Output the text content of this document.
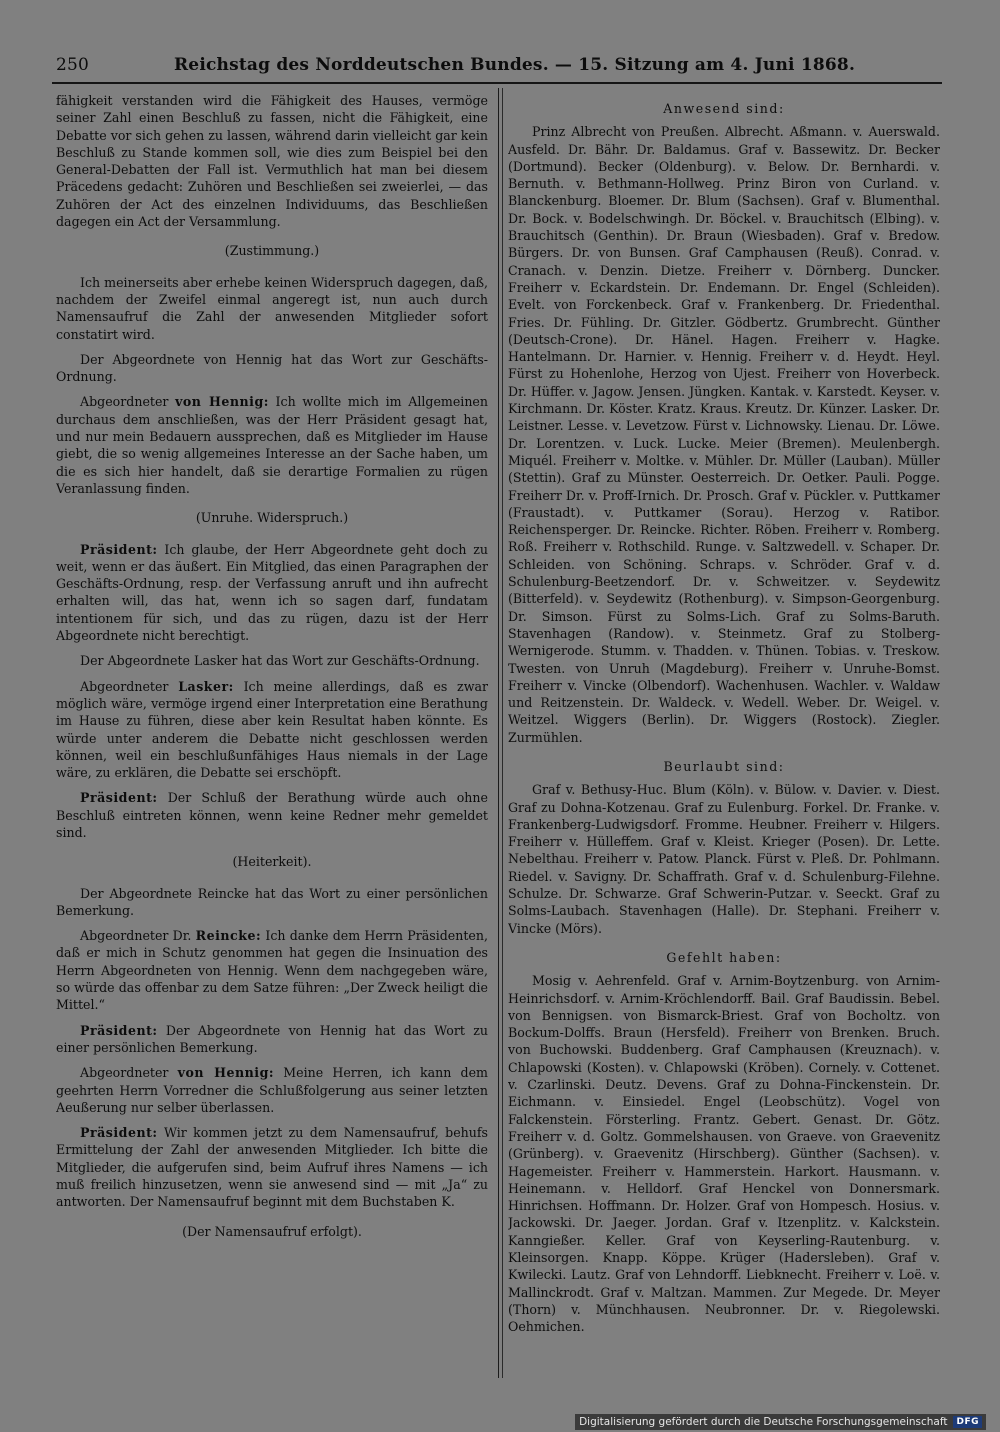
250	Reichstag des Norddeutschen Bundes. — 15. Sitzung am 4. Juni 1868.

fähigkeit verstanden wird die Fähigkeit des Hauses, vermöge seiner Zahl einen Beschluß zu fassen, nicht die Fähigkeit, eine Debatte vor sich gehen zu lassen, während darin vielleicht gar kein Beschluß zu Stande kommen soll, wie dies zum Beispiel bei den General-Debatten der Fall ist. Vermuthlich hat man bei diesem Präcedens gedacht: Zuhören und Beschließen sei zweierlei, — das Zuhören der Act des einzelnen Individuums, das Beschließen dagegen ein Act der Versammlung.

(Zustimmung.)

Ich meinerseits aber erhebe keinen Widerspruch dagegen, daß, nachdem der Zweifel einmal angeregt ist, nun auch durch Namensaufruf die Zahl der anwesenden Mitglieder sofort constatirt wird.

Der Abgeordnete von Hennig hat das Wort zur Geschäfts-Ordnung.

Abgeordneter von Hennig: Ich wollte mich im Allgemeinen durchaus dem anschließen, was der Herr Präsident gesagt hat, und nur mein Bedauern aussprechen, daß es Mitglieder im Hause giebt, die so wenig allgemeines Interesse an der Sache haben, um die es sich hier handelt, daß sie derartige Formalien zu rügen Veranlassung finden.

(Unruhe. Widerspruch.)

Präsident: Ich glaube, der Herr Abgeordnete geht doch zu weit, wenn er das äußert. Ein Mitglied, das einen Paragraphen der Geschäfts-Ordnung, resp. der Verfassung anruft und ihn aufrecht erhalten will, das hat, wenn ich so sagen darf, fundatam intentionem für sich, und das zu rügen, dazu ist der Herr Abgeordnete nicht berechtigt.

Der Abgeordnete Lasker hat das Wort zur Geschäfts-Ordnung.

Abgeordneter Lasker: Ich meine allerdings, daß es zwar möglich wäre, vermöge irgend einer Interpretation eine Berathung im Hause zu führen, diese aber kein Resultat haben könnte. Es würde unter anderem die Debatte nicht geschlossen werden können, weil ein beschlußunfähiges Haus niemals in der Lage wäre, zu erklären, die Debatte sei erschöpft.

Präsident: Der Schluß der Berathung würde auch ohne Beschluß eintreten können, wenn keine Redner mehr gemeldet sind.

(Heiterkeit).

Der Abgeordnete Reincke hat das Wort zu einer persönlichen Bemerkung.

Abgeordneter Dr. Reincke: Ich danke dem Herrn Präsidenten, daß er mich in Schutz genommen hat gegen die Insinuation des Herrn Abgeordneten von Hennig. Wenn dem nachgegeben wäre, so würde das offenbar zu dem Satze führen: „Der Zweck heiligt die Mittel.“

Präsident: Der Abgeordnete von Hennig hat das Wort zu einer persönlichen Bemerkung.

Abgeordneter von Hennig: Meine Herren, ich kann dem geehrten Herrn Vorredner die Schlußfolgerung aus seiner letzten Aeußerung nur selber überlassen.

Präsident: Wir kommen jetzt zu dem Namensaufruf, behufs Ermittelung der Zahl der anwesenden Mitglieder. Ich bitte die Mitglieder, die aufgerufen sind, beim Aufruf ihres Namens — ich muß freilich hinzusetzen, wenn sie anwesend sind — mit „Ja“ zu antworten. Der Namensaufruf beginnt mit dem Buchstaben K.

(Der Namensaufruf erfolgt).

Anwesend sind:

Prinz Albrecht von Preußen. Albrecht. Aßmann. v. Auerswald. Ausfeld. Dr. Bähr. Dr. Baldamus. Graf v. Bassewitz. Dr. Becker (Dortmund). Becker (Oldenburg). v. Below. Dr. Bernhardi. v. Bernuth. v. Bethmann-Hollweg. Prinz Biron von Curland. v. Blanckenburg. Bloemer. Dr. Blum (Sachsen). Graf v. Blumenthal. Dr. Bock. v. Bodelschwingh. Dr. Böckel. v. Brauchitsch (Elbing). v. Brauchitsch (Genthin). Dr. Braun (Wiesbaden). Graf v. Bredow. Bürgers. Dr. von Bunsen. Graf Camphausen (Reuß). Conrad. v. Cranach. v. Denzin. Dietze. Freiherr v. Dörnberg. Duncker. Freiherr v. Eckardstein. Dr. Endemann. Dr. Engel (Schleiden). Evelt. von Forckenbeck. Graf v. Frankenberg. Dr. Friedenthal. Fries. Dr. Fühling. Dr. Gitzler. Gödbertz. Grumbrecht. Günther (Deutsch-Crone). Dr. Hänel. Hagen. Freiherr v. Hagke. Hantelmann. Dr. Harnier. v. Hennig. Freiherr v. d. Heydt. Heyl. Fürst zu Hohenlohe, Herzog von Ujest. Freiherr von Hoverbeck. Dr. Hüffer. v. Jagow. Jensen. Jüngken. Kantak. v. Karstedt. Keyser. v. Kirchmann. Dr. Köster. Kratz. Kraus. Kreutz. Dr. Künzer. Lasker. Dr. Leistner. Lesse. v. Levetzow. Fürst v. Lichnowsky. Lienau. Dr. Löwe. Dr. Lorentzen. v. Luck. Lucke. Meier (Bremen). Meulenbergh. Miquél. Freiherr v. Moltke. v. Mühler. Dr. Müller (Lauban). Müller (Stettin). Graf zu Münster. Oesterreich. Dr. Oetker. Pauli. Pogge. Freiherr Dr. v. Proff-Irnich. Dr. Prosch. Graf v. Pückler. v. Puttkamer (Fraustadt). v. Puttkamer (Sorau). Herzog v. Ratibor. Reichensperger. Dr. Reincke. Richter. Röben. Freiherr v. Romberg. Roß. Freiherr v. Rothschild. Runge. v. Saltzwedell. v. Schaper. Dr. Schleiden. von Schöning. Schraps. v. Schröder. Graf v. d. Schulenburg-Beetzendorf. Dr. v. Schweitzer. v. Seydewitz (Bitterfeld). v. Seydewitz (Rothenburg). v. Simpson-Georgenburg. Dr. Simson. Fürst zu Solms-Lich. Graf zu Solms-Baruth. Stavenhagen (Randow). v. Steinmetz. Graf zu Stolberg-Wernigerode. Stumm. v. Thadden. v. Thünen. Tobias. v. Treskow. Twesten. von Unruh (Magdeburg). Freiherr v. Unruhe-Bomst. Freiherr v. Vincke (Olbendorf). Wachenhusen. Wachler. v. Waldaw und Reitzenstein. Dr. Waldeck. v. Wedell. Weber. Dr. Weigel. v. Weitzel. Wiggers (Berlin). Dr. Wiggers (Rostock). Ziegler. Zurmühlen.

Beurlaubt sind:

Graf v. Bethusy-Huc. Blum (Köln). v. Bülow. v. Davier. v. Diest. Graf zu Dohna-Kotzenau. Graf zu Eulenburg. Forkel. Dr. Franke. v. Frankenberg-Ludwigsdorf. Fromme. Heubner. Freiherr v. Hilgers. Freiherr v. Hülleffem. Graf v. Kleist. Krieger (Posen). Dr. Lette. Nebelthau. Freiherr v. Patow. Planck. Fürst v. Pleß. Dr. Pohlmann. Riedel. v. Savigny. Dr. Schaffrath. Graf v. d. Schulenburg-Filehne. Schulze. Dr. Schwarze. Graf Schwerin-Putzar. v. Seeckt. Graf zu Solms-Laubach. Stavenhagen (Halle). Dr. Stephani. Freiherr v. Vincke (Mörs).

Gefehlt haben:

Mosig v. Aehrenfeld. Graf v. Arnim-Boytzenburg. von Arnim-Heinrichsdorf. v. Arnim-Kröchlendorff. Bail. Graf Baudissin. Bebel. von Bennigsen. von Bismarck-Briest. Graf von Bocholtz. von Bockum-Dolffs. Braun (Hersfeld). Freiherr von Brenken. Bruch. von Buchowski. Buddenberg. Graf Camphausen (Kreuznach). v. Chlapowski (Kosten). v. Chlapowski (Kröben). Cornely. v. Cottenet. v. Czarlinski. Deutz. Devens. Graf zu Dohna-Finckenstein. Dr. Eichmann. v. Einsiedel. Engel (Leobschütz). Vogel von Falckenstein. Försterling. Frantz. Gebert. Genast. Dr. Götz. Freiherr v. d. Goltz. Gommelshausen. von Graeve. von Graevenitz (Grünberg). v. Graevenitz (Hirschberg). Günther (Sachsen). v. Hagemeister. Freiherr v. Hammerstein. Harkort. Hausmann. v. Heinemann. v. Helldorf. Graf Henckel von Donnersmark. Hinrichsen. Hoffmann. Dr. Holzer. Graf von Hompesch. Hosius. v. Jackowski. Dr. Jaeger. Jordan. Graf v. Itzenplitz. v. Kalckstein. Kanngießer. Keller. Graf von Keyserling-Rautenburg. v. Kleinsorgen. Knapp. Köppe. Krüger (Hadersleben). Graf v. Kwilecki. Lautz. Graf von Lehndorff. Liebknecht. Freiherr v. Loë. v. Mallinckrodt. Graf v. Maltzan. Mammen. Zur Megede. Dr. Meyer (Thorn) v. Münchhausen. Neubronner. Dr. v. Riegolewski. Oehmichen.

Digitalisierung gefördert durch die Deutsche Forschungsgemeinschaft	DFG
